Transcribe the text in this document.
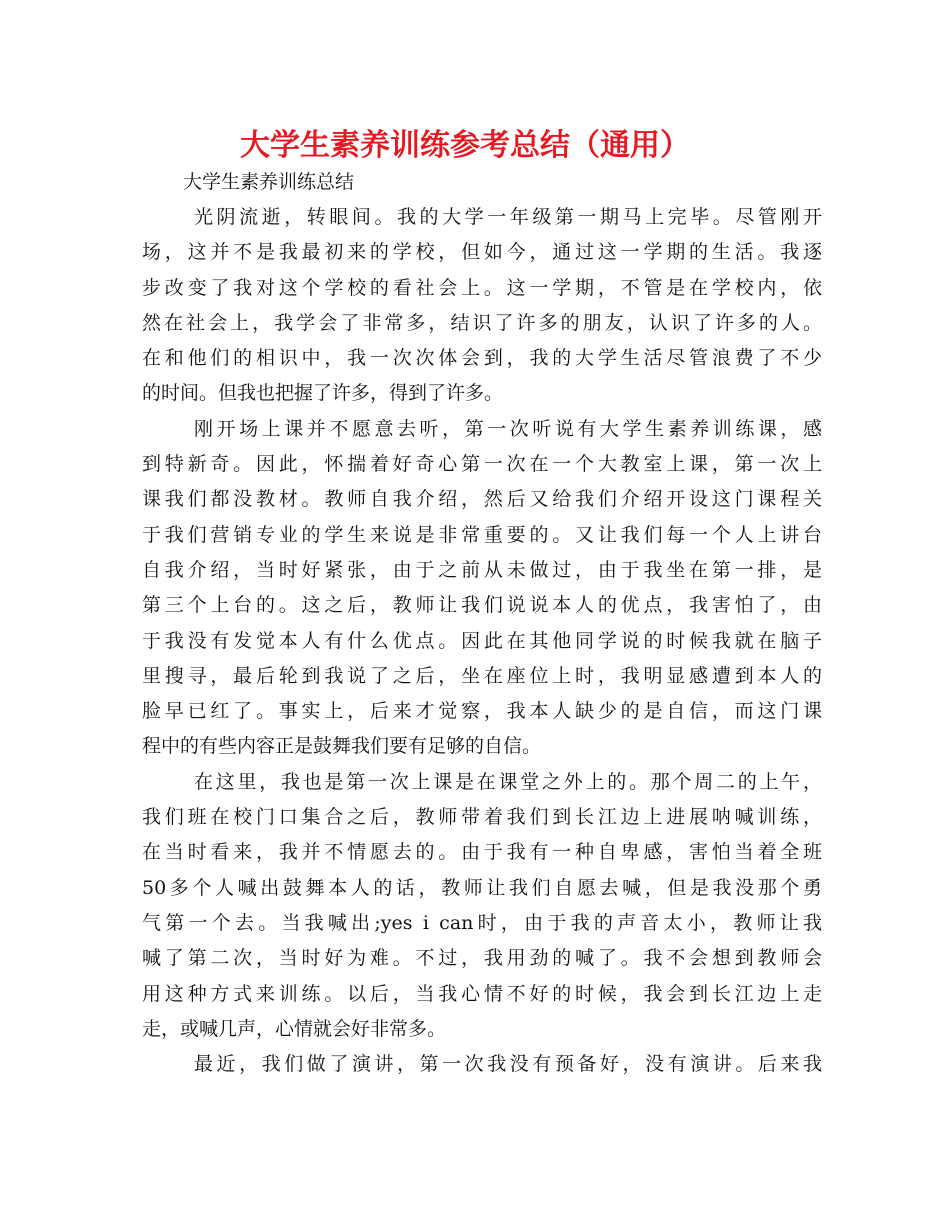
大学生素养训练参考总结（通用）

大学生素养训练总结

光阴流逝，转眼间。我的大学一年级第一期马上完毕。尽管刚开
场，这并不是我最初来的学校，但如今，通过这一学期的生活。我逐
步改变了我对这个学校的看社会上。这一学期，不管是在学校内，依
然在社会上，我学会了非常多，结识了许多的朋友，认识了许多的人。
在和他们的相识中，我一次次体会到，我的大学生活尽管浪费了不少
的时间。但我也把握了许多，得到了许多。
刚开场上课并不愿意去听，第一次听说有大学生素养训练课，感
到特新奇。因此，怀揣着好奇心第一次在一个大教室上课，第一次上
课我们都没教材。教师自我介绍，然后又给我们介绍开设这门课程关
于我们营销专业的学生来说是非常重要的。又让我们每一个人上讲台
自我介绍，当时好紧张，由于之前从未做过，由于我坐在第一排，是
第三个上台的。这之后，教师让我们说说本人的优点，我害怕了，由
于我没有发觉本人有什么优点。因此在其他同学说的时候我就在脑子
里搜寻，最后轮到我说了之后，坐在座位上时，我明显感遭到本人的
脸早已红了。事实上，后来才觉察，我本人缺少的是自信，而这门课
程中的有些内容正是鼓舞我们要有足够的自信。
在这里，我也是第一次上课是在课堂之外上的。那个周二的上午，
我们班在校门口集合之后，教师带着我们到长江边上进展呐喊训练，
在当时看来，我并不情愿去的。由于我有一种自卑感，害怕当着全班
50多个人喊出鼓舞本人的话，教师让我们自愿去喊，但是我没那个勇
气第一个去。当我喊出;yes i can时，由于我的声音太小，教师让我
喊了第二次，当时好为难。不过，我用劲的喊了。我不会想到教师会
用这种方式来训练。以后，当我心情不好的时候，我会到长江边上走
走，或喊几声，心情就会好非常多。
最近，我们做了演讲，第一次我没有预备好，没有演讲。后来我
